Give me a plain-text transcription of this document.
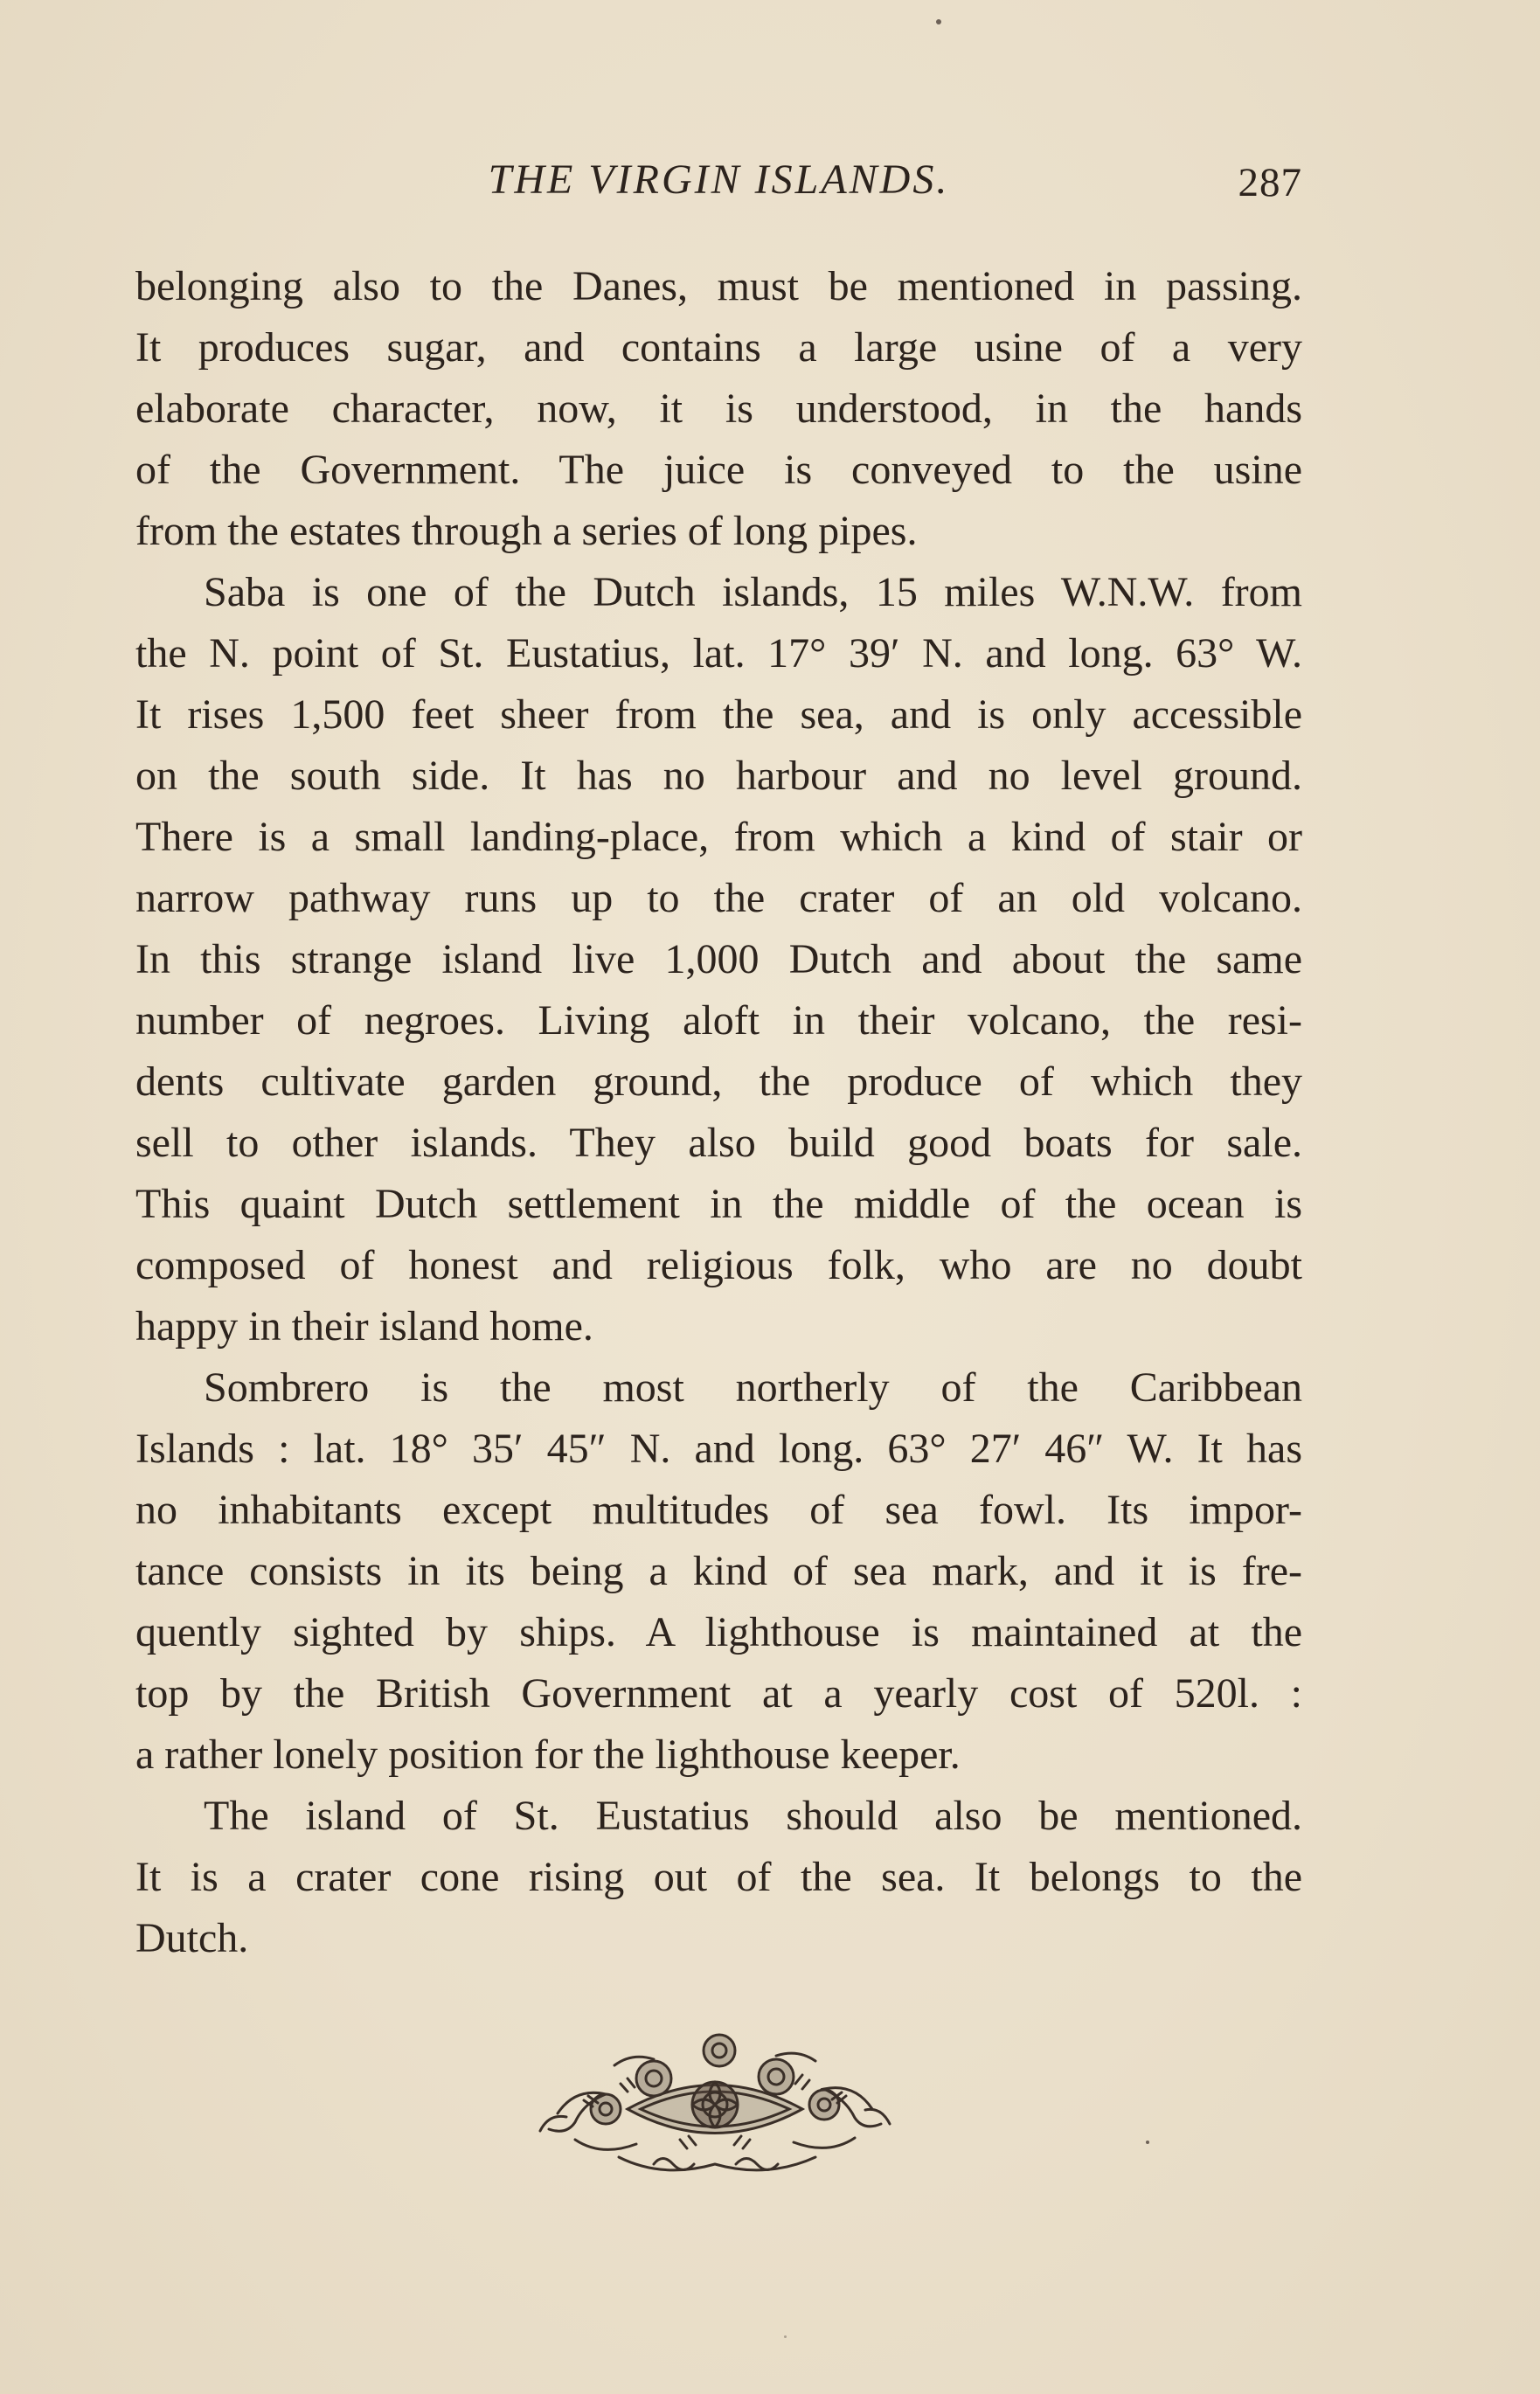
THE VIRGIN ISLANDS.	287
belonging also to the Danes, must be mentioned in passing.
It produces sugar, and contains a large usine of a very
elaborate character, now, it is understood, in the hands
of the Government. The juice is conveyed to the usine
from the estates through a series of long pipes.
Saba is one of the Dutch islands, 15 miles W.N.W. from
the N. point of St. Eustatius, lat. 17° 39′ N. and long. 63° W.
It rises 1,500 feet sheer from the sea, and is only accessible
on the south side. It has no harbour and no level ground.
There is a small landing-place, from which a kind of stair or
narrow pathway runs up to the crater of an old volcano.
In this strange island live 1,000 Dutch and about the same
number of negroes. Living aloft in their volcano, the resi-
dents cultivate garden ground, the produce of which they
sell to other islands. They also build good boats for sale.
This quaint Dutch settlement in the middle of the ocean is
composed of honest and religious folk, who are no doubt
happy in their island home.
Sombrero is the most northerly of the Caribbean
Islands : lat. 18° 35′ 45″ N. and long. 63° 27′ 46″ W. It has
no inhabitants except multitudes of sea fowl. Its impor-
tance consists in its being a kind of sea mark, and it is fre-
quently sighted by ships. A lighthouse is maintained at the
top by the British Government at a yearly cost of 520l. :
a rather lonely position for the lighthouse keeper.
The island of St. Eustatius should also be mentioned.
It is a crater cone rising out of the sea. It belongs to the
Dutch.
